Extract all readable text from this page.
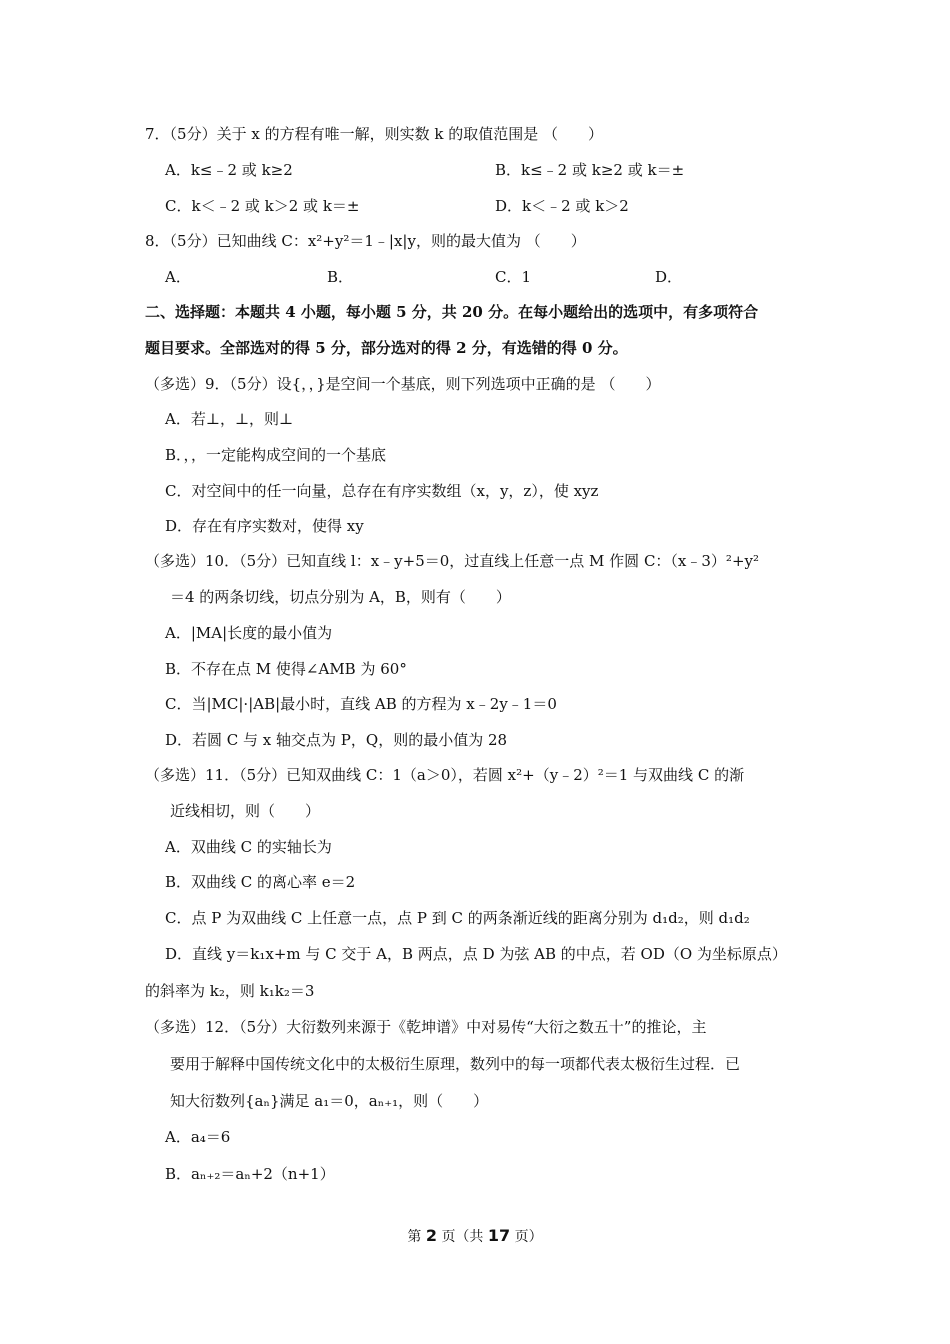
7．（5分）关于 x 的方程有唯一解，则实数 k 的取值范围是 （　　）
A．k≤﹣2 或 k≥2	B．k≤﹣2 或 k≥2 或 k＝±
C．k＜﹣2 或 k＞2 或 k＝±	D．k＜﹣2 或 k＞2
8．（5分）已知曲线 C：x²+y²＝1﹣|x|y，则的最大值为 （　　）
A．	B．	C．1	D．
二、选择题：本题共 4 小题，每小题 5 分，共 20 分。在每小题给出的选项中，有多项符合
题目要求。全部选对的得 5 分，部分选对的得 2 分，有选错的得 0 分。
（多选）9．（5分）设{，，}是空间一个基底，则下列选项中正确的是 （　　）
A．若⊥，⊥，则⊥
B．，，一定能构成空间的一个基底
C．对空间中的任一向量，总存在有序实数组（x，y，z），使 xyz
D．存在有序实数对，使得 xy
（多选）10．（5分）已知直线 l：x﹣y+5＝0，过直线上任意一点 M 作圆 C：（x﹣3）²+y²
＝4 的两条切线，切点分别为 A，B，则有（　　）
A．|MA|长度的最小值为
B．不存在点 M 使得∠AMB 为 60°
C．当|MC|·|AB|最小时，直线 AB 的方程为 x﹣2y﹣1＝0
D．若圆 C 与 x 轴交点为 P，Q，则的最小值为 28
（多选）11．（5分）已知双曲线 C：1（a＞0），若圆 x²+（y﹣2）²＝1 与双曲线 C 的渐
近线相切，则（　　）
A．双曲线 C 的实轴长为
B．双曲线 C 的离心率 e＝2
C．点 P 为双曲线 C 上任意一点，点 P 到 C 的两条渐近线的距离分别为 d₁d₂，则 d₁d₂
D．直线 y＝k₁x+m 与 C 交于 A，B 两点，点 D 为弦 AB 的中点，若 OD（O 为坐标原点）
的斜率为 k₂，则 k₁k₂＝3
（多选）12．（5分）大衍数列来源于《乾坤谱》中对易传“大衍之数五十”的推论，主
要用于解释中国传统文化中的太极衍生原理，数列中的每一项都代表太极衍生过程．已
知大衍数列{aₙ}满足 a₁＝0，aₙ₊₁，则（　　）
A．a₄＝6
B．aₙ₊₂＝aₙ+2（n+1）
第 2 页（共 17 页）
